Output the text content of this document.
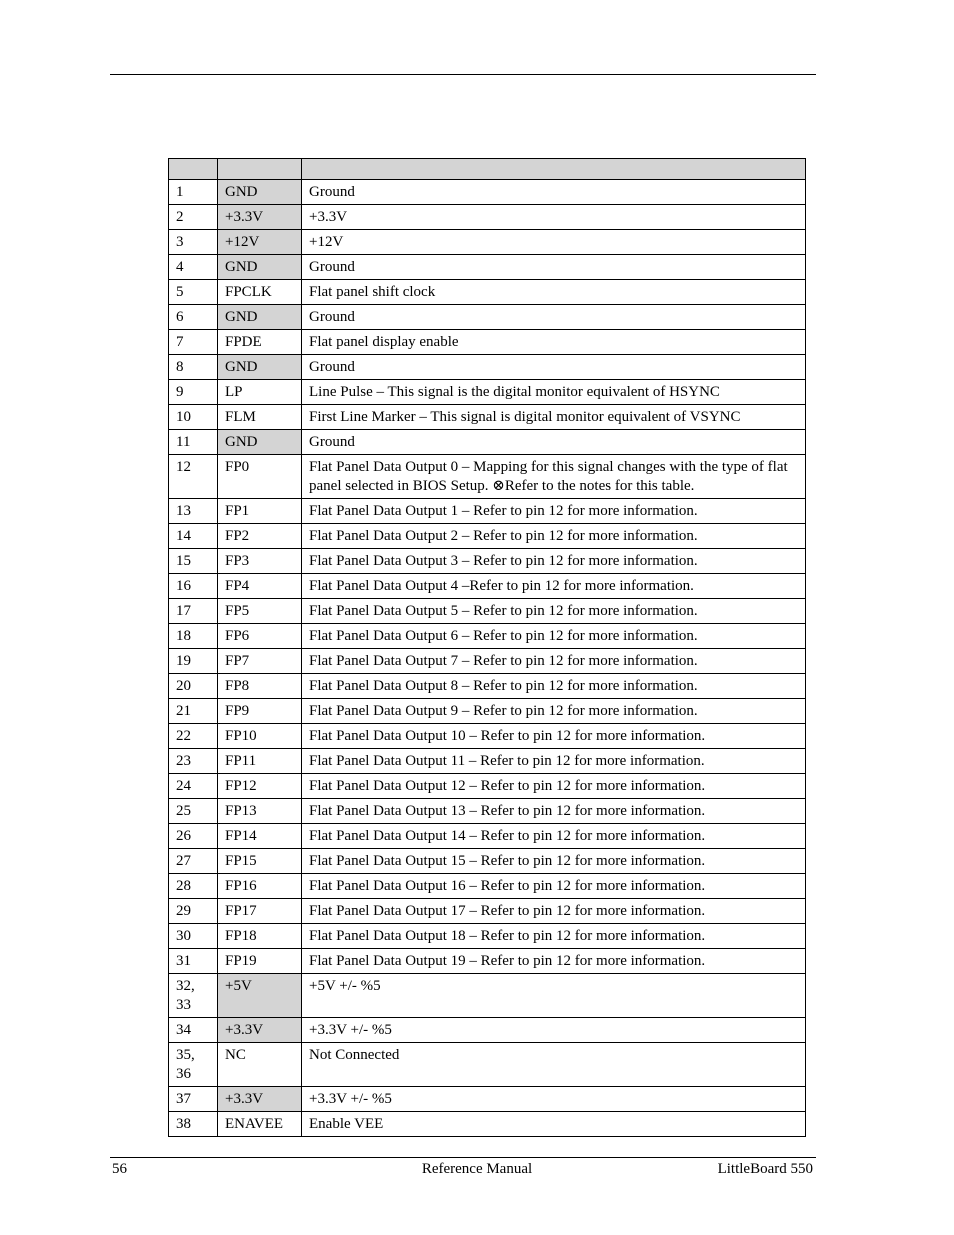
1	GND	Ground
2	+3.3V	+3.3V
3	+12V	+12V
4	GND	Ground
5	FPCLK	Flat panel shift clock
6	GND	Ground
7	FPDE	Flat panel display enable
8	GND	Ground
9	LP	Line Pulse – This signal is the digital monitor equivalent of HSYNC
10	FLM	First Line Marker – This signal is digital monitor equivalent of VSYNC
11	GND	Ground
12	FP0	Flat Panel Data Output 0 – Mapping for this signal changes with the type of flat panel selected in BIOS Setup. ⊗Refer to the notes for this table.
13	FP1	Flat Panel Data Output 1 – Refer to pin 12 for more information.
14	FP2	Flat Panel Data Output 2 – Refer to pin 12 for more information.
15	FP3	Flat Panel Data Output 3 – Refer to pin 12 for more information.
16	FP4	Flat Panel Data Output 4 –Refer to pin 12 for more information.
17	FP5	Flat Panel Data Output 5 – Refer to pin 12 for more information.
18	FP6	Flat Panel Data Output 6 – Refer to pin 12 for more information.
19	FP7	Flat Panel Data Output 7 – Refer to pin 12 for more information.
20	FP8	Flat Panel Data Output 8 – Refer to pin 12 for more information.
21	FP9	Flat Panel Data Output 9 – Refer to pin 12 for more information.
22	FP10	Flat Panel Data Output 10 – Refer to pin 12 for more information.
23	FP11	Flat Panel Data Output 11 – Refer to pin 12 for more information.
24	FP12	Flat Panel Data Output 12 – Refer to pin 12 for more information.
25	FP13	Flat Panel Data Output 13 – Refer to pin 12 for more information.
26	FP14	Flat Panel Data Output 14 – Refer to pin 12 for more information.
27	FP15	Flat Panel Data Output 15 – Refer to pin 12 for more information.
28	FP16	Flat Panel Data Output 16 – Refer to pin 12 for more information.
29	FP17	Flat Panel Data Output 17 – Refer to pin 12 for more information.
30	FP18	Flat Panel Data Output 18 – Refer to pin 12 for more information.
31	FP19	Flat Panel Data Output 19 – Refer to pin 12 for more information.
32, 33	+5V	+5V +/- %5
34	+3.3V	+3.3V +/- %5
35, 36	NC	Not Connected
37	+3.3V	+3.3V +/- %5
38	ENAVEE	Enable VEE
56	Reference Manual	LittleBoard 550
